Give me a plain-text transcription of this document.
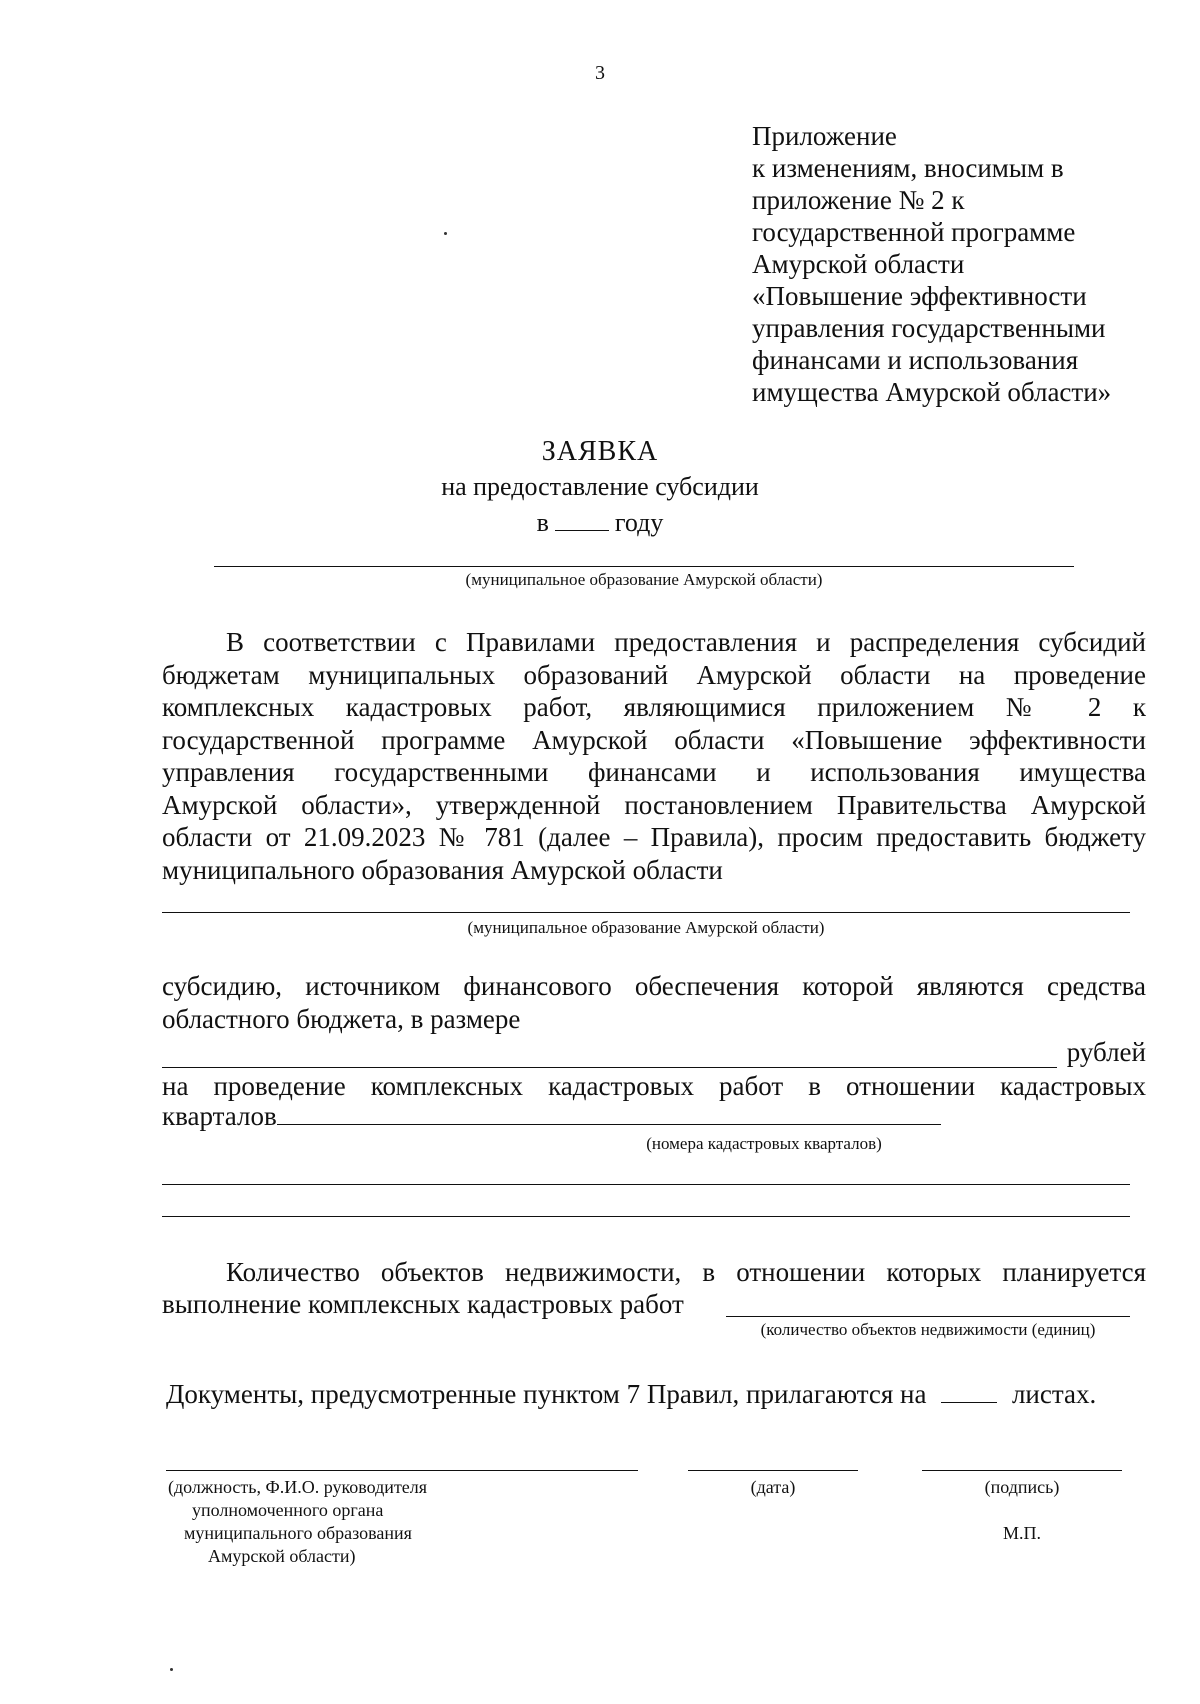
3
Приложение
к изменениям, вносимым в
приложение № 2 к
государственной программе
Амурской области
«Повышение эффективности
управления государственными
финансами и использования
имущества Амурской области»
ЗАЯВКА
на предоставление субсидии
в	году
(муниципальное образование Амурской области)
В соответствии с Правилами предоставления и распределения субсидий
бюджетам муниципальных образований Амурской области на проведение
комплексных кадастровых работ, являющимися приложением № 2 к
государственной программе Амурской области «Повышение эффективности
управления государственными финансами и использования имущества
Амурской области», утвержденной постановлением Правительства Амурской
области от 21.09.2023 № 781 (далее – Правила), просим предоставить бюджету
муниципального образования Амурской области
(муниципальное образование Амурской области)
субсидию, источником финансового обеспечения которой являются средства
областного бюджета, в размере
рублей
на проведение комплексных кадастровых работ в отношении кадастровых
кварталов
(номера кадастровых кварталов)
Количество объектов недвижимости, в отношении которых планируется
выполнение комплексных кадастровых работ
(количество объектов недвижимости (единиц)
Документы, предусмотренные пунктом 7 Правил, прилагаются на	листах.
(должность, Ф.И.О. руководителя
уполномоченного органа
муниципального образования
Амурской области)
(дата)	(подпись)
М.П.
